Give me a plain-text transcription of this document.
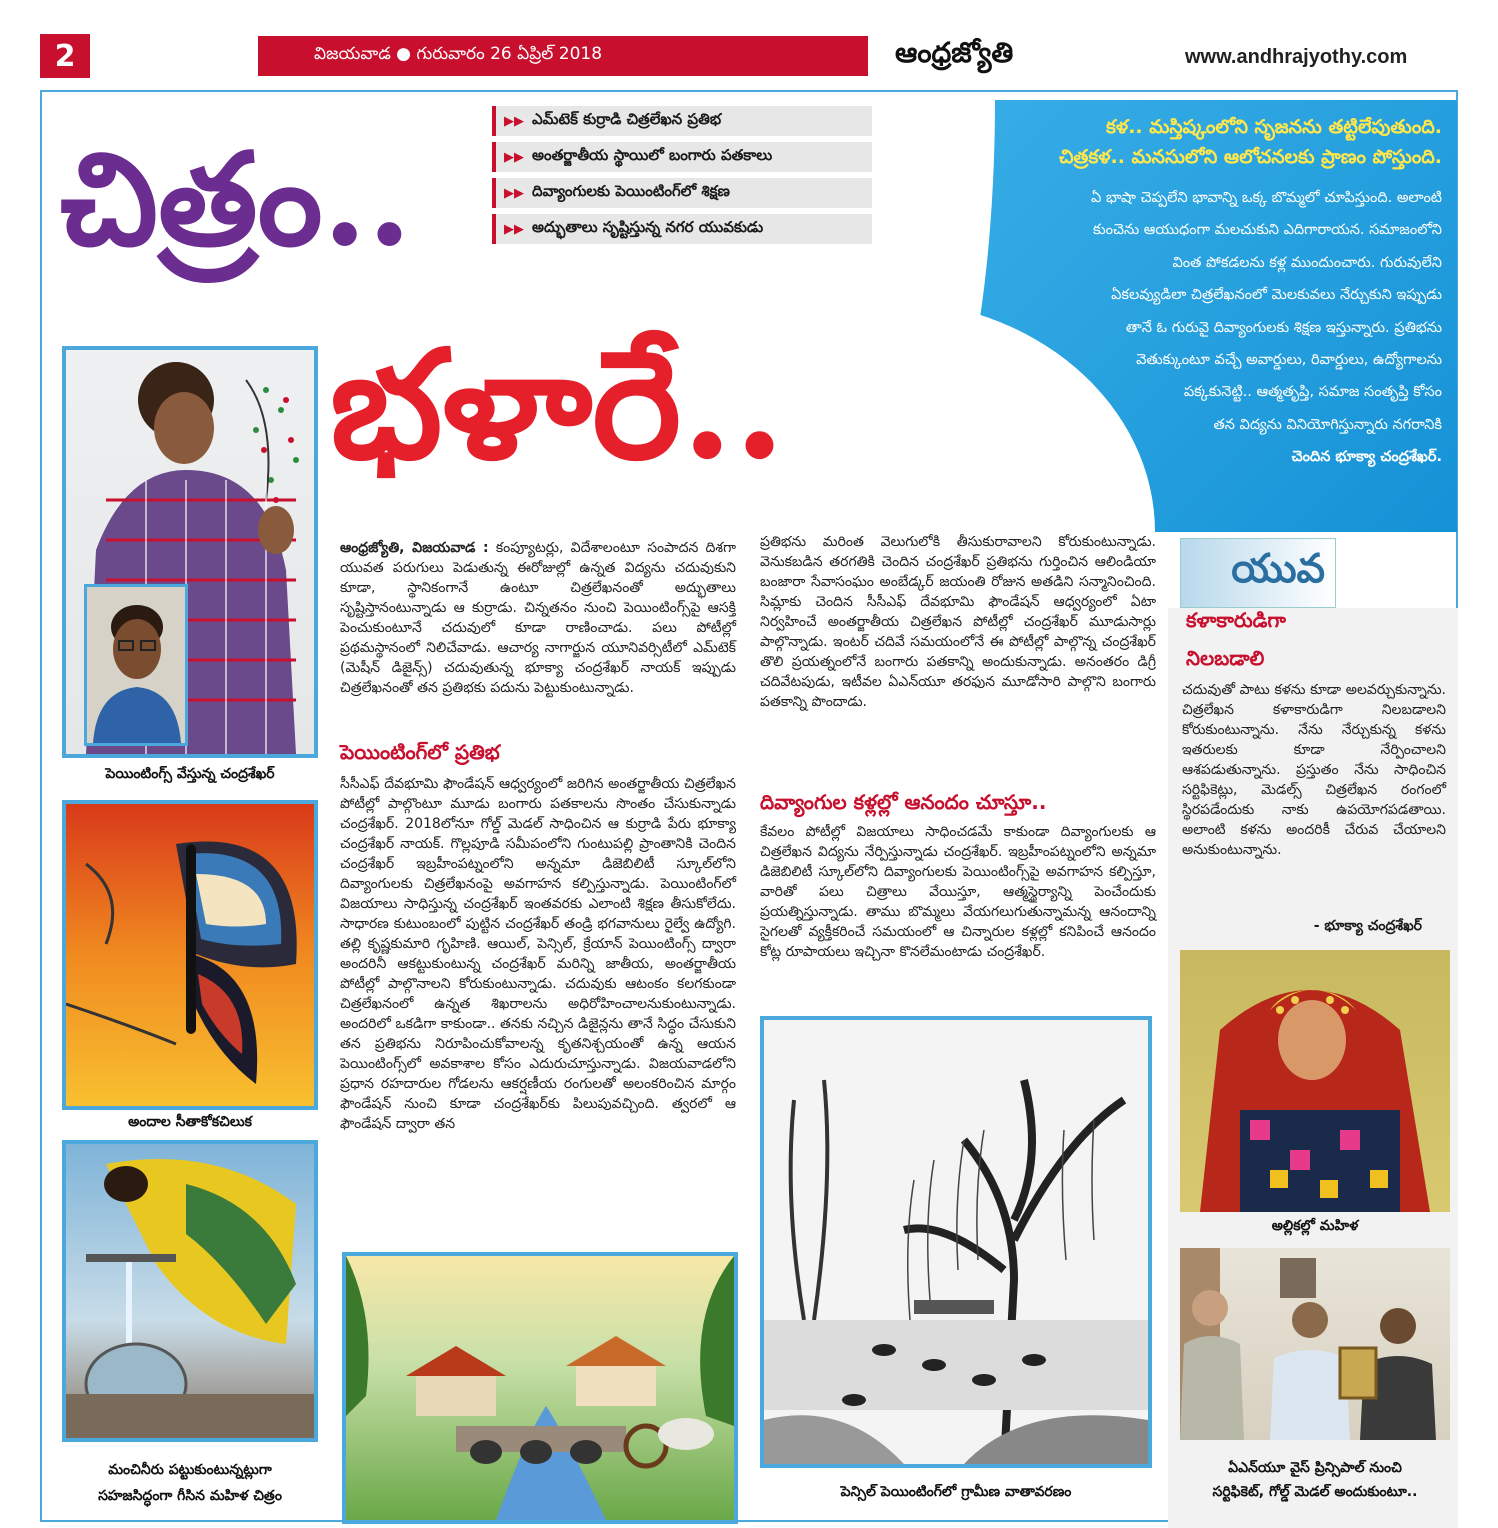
2	విజయవాడ ● గురువారం 26 ఏప్రిల్ 2018	ఆంధ్రజ్యోతి	www.andhrajyothy.com
కళ.. మస్తిష్కంలోని సృజనను తట్టిలేపుతుంది.
చిత్రకళ.. మనసులోని ఆలోచనలకు ప్రాణం పోస్తుంది.
ఏ భాషా చెప్పలేని భావాన్ని ఒక్క బొమ్మలో చూపిస్తుంది. అలాంటి
కుంచెను ఆయుధంగా మలచుకుని ఎదిగారాయన. సమాజంలోని
వింత పోకడలను కళ్ల ముందుంచారు. గురువులేని
ఏకలవ్యుడిలా చిత్రలేఖనంలో మెలకువలు నేర్చుకుని ఇప్పుడు
తానే ఓ గురువై దివ్యాంగులకు శిక్షణ ఇస్తున్నారు. ప్రతిభను
వెతుక్కుంటూ వచ్చే అవార్డులు, రివార్డులు, ఉద్యోగాలను
పక్కకునెట్టి.. ఆత్మతృప్తి, సమాజ సంతృప్తి కోసం
తన విద్యను వినియోగిస్తున్నారు నగరానికి
చెందిన భూక్యా చంద్రశేఖర్.
▶▶ ఎమ్‌టెక్ కుర్రాడి చిత్రలేఖన ప్రతిభ
▶▶ అంతర్జాతీయ స్థాయిలో బంగారు పతకాలు
▶▶ దివ్యాంగులకు పెయింటింగ్‌లో శిక్షణ
▶▶ అద్భుతాలు సృష్టిస్తున్న నగర యువకుడు
చిత్రం..
భళారే..
పెయింటింగ్స్ వేస్తున్న చంద్రశేఖర్
అందాల సీతాకోకచిలుక
మంచినీరు పట్టుకుంటున్నట్లుగా
సహజసిద్ధంగా గీసిన మహిళ చిత్రం
ఆంధ్రజ్యోతి, విజయవాడ : కంప్యూటర్లు, విదేశాలంటూ సంపాదన దిశగా యువత పరుగులు పెడుతున్న ఈరోజుల్లో ఉన్నత విద్యను చదువుకుని కూడా, స్థానికంగానే ఉంటూ చిత్రలేఖనంతో అద్భుతాలు సృష్టిస్తానంటున్నాడు ఆ కుర్రాడు. చిన్నతనం నుంచి పెయింటింగ్స్‌పై ఆసక్తి పెంచుకుంటూనే చదువులో కూడా రాణించాడు. పలు పోటీల్లో ప్రథమస్థానంలో నిలిచేవాడు. ఆచార్య నాగార్జున యూనివర్సిటీలో ఎమ్‌టెక్ (మెషీన్ డిజైన్స్) చదువుతున్న భూక్యా చంద్రశేఖర్ నాయక్ ఇప్పుడు చిత్రలేఖనంతో తన ప్రతిభకు పదును పెట్టుకుంటున్నాడు.
పెయింటింగ్‌లో ప్రతిభ
సీసీఎఫ్ దేవభూమి ఫౌండేషన్ ఆధ్వర్యంలో జరిగిన అంతర్జాతీయ చిత్రలేఖన పోటీల్లో పాల్గొంటూ మూడు బంగారు పతకాలను సొంతం చేసుకున్నాడు చంద్రశేఖర్. 2018లోనూ గోల్డ్ మెడల్ సాధించిన ఆ కుర్రాడి పేరు భూక్యా చంద్రశేఖర్ నాయక్. గొల్లపూడి సమీపంలోని గుంటుపల్లి ప్రాంతానికి చెందిన చంద్రశేఖర్ ఇబ్రహీంపట్నంలోని అన్నమా డిజెబిలిటీ స్కూల్‌లోని దివ్యాంగులకు చిత్రలేఖనంపై అవగాహన కల్పిస్తున్నాడు. పెయింటింగ్‌లో విజయాలు సాధిస్తున్న చంద్రశేఖర్ ఇంతవరకు ఎలాంటి శిక్షణ తీసుకోలేదు. సాధారణ కుటుంబంలో పుట్టిన చంద్రశేఖర్ తండ్రి భగవానులు రైల్వే ఉద్యోగి. తల్లి కృష్ణకుమారి గృహిణి. ఆయిల్, పెన్సిల్, క్రేయాన్ పెయింటింగ్స్ ద్వారా అందరినీ ఆకట్టుకుంటున్న చంద్రశేఖర్ మరిన్ని జాతీయ, అంతర్జాతీయ పోటీల్లో పాల్గొనాలని కోరుకుంటున్నాడు. చదువుకు ఆటంకం కలగకుండా చిత్రలేఖనంలో ఉన్నత శిఖరాలను అధిరోహించాలనుకుంటున్నాడు. అందరిలో ఒకడిగా కాకుండా.. తనకు నచ్చిన డిజైన్లను తానే సిద్ధం చేసుకుని తన ప్రతిభను నిరూపించుకోవాలన్న కృతనిశ్చయంతో ఉన్న ఆయన పెయింటింగ్స్‌లో అవకాశాల కోసం ఎదురుచూస్తున్నాడు. విజయవాడలోని ప్రధాన రహదారుల గోడలను ఆకర్షణీయ రంగులతో అలంకరించిన మార్గం ఫౌండేషన్ నుంచి కూడా చంద్రశేఖర్‌కు పిలుపువచ్చింది. త్వరలో ఆ ఫౌండేషన్ ద్వారా తన
ప్రతిభను మరింత వెలుగులోకి తీసుకురావాలని కోరుకుంటున్నాడు. వెనుకబడిన తరగతికి చెందిన చంద్రశేఖర్ ప్రతిభను గుర్తించిన ఆలిండియా బంజారా సేవాసంఘం అంబేడ్కర్ జయంతి రోజున అతడిని సన్మానించింది. సిమ్లాకు చెందిన సీసీఎఫ్ దేవభూమి ఫౌండేషన్ ఆధ్వర్యంలో ఏటా నిర్వహించే అంతర్జాతీయ చిత్రలేఖన పోటీల్లో చంద్రశేఖర్ మూడుసార్లు పాల్గొన్నాడు. ఇంటర్ చదివే సమయంలోనే ఈ పోటీల్లో పాల్గొన్న చంద్రశేఖర్ తొలి ప్రయత్నంలోనే బంగారు పతకాన్ని అందుకున్నాడు. అనంతరం డిగ్రీ చదివేటపుడు, ఇటీవల ఏఎన్‌యూ తరఫున మూడోసారి పాల్గొని బంగారు పతకాన్ని పొందాడు.
దివ్యాంగుల కళ్లల్లో ఆనందం చూస్తూ..
కేవలం పోటీల్లో విజయాలు సాధించడమే కాకుండా దివ్యాంగులకు ఆ చిత్రలేఖన విద్యను నేర్పిస్తున్నాడు చంద్రశేఖర్. ఇబ్రహీంపట్నంలోని అన్నమా డిజెబిలిటీ స్కూల్‌లోని దివ్యాంగులకు పెయింటింగ్స్‌పై అవగాహన కల్పిస్తూ, వారితో పలు చిత్రాలు వేయిస్తూ, ఆత్మస్థైర్యాన్ని పెంచేందుకు ప్రయత్నిస్తున్నాడు. తాము బొమ్మలు వేయగలుగుతున్నామన్న ఆనందాన్ని సైగలతో వ్యక్తీకరించే సమయంలో ఆ చిన్నారుల కళ్లల్లో కనిపించే ఆనందం కోట్ల రూపాయలు ఇచ్చినా కొనలేమంటాడు చంద్రశేఖర్.
పెన్సిల్ పెయింటింగ్‌లో గ్రామీణ వాతావరణం
యువ
కళాకారుడిగా
నిలబడాలి
చదువుతో పాటు కళను కూడా అలవర్చుకున్నాను. చిత్రలేఖన కళాకారుడిగా నిలబడాలని కోరుకుంటున్నాను. నేను నేర్చుకున్న కళను ఇతరులకు కూడా నేర్పించాలని ఆశపడుతున్నాను. ప్రస్తుతం నేను సాధించిన సర్టిఫికెట్లు, మెడల్స్ చిత్రలేఖన రంగంలో స్థిరపడేందుకు నాకు ఉపయోగపడతాయి. అలాంటి కళను అందరికీ చేరువ చేయాలని అనుకుంటున్నాను.
- భూక్యా చంద్రశేఖర్
అల్లికల్లో మహిళ
ఏఎన్‌యూ వైస్ ప్రిన్సిపాల్ నుంచి
సర్టిఫికెట్, గోల్డ్ మెడల్ అందుకుంటూ..
